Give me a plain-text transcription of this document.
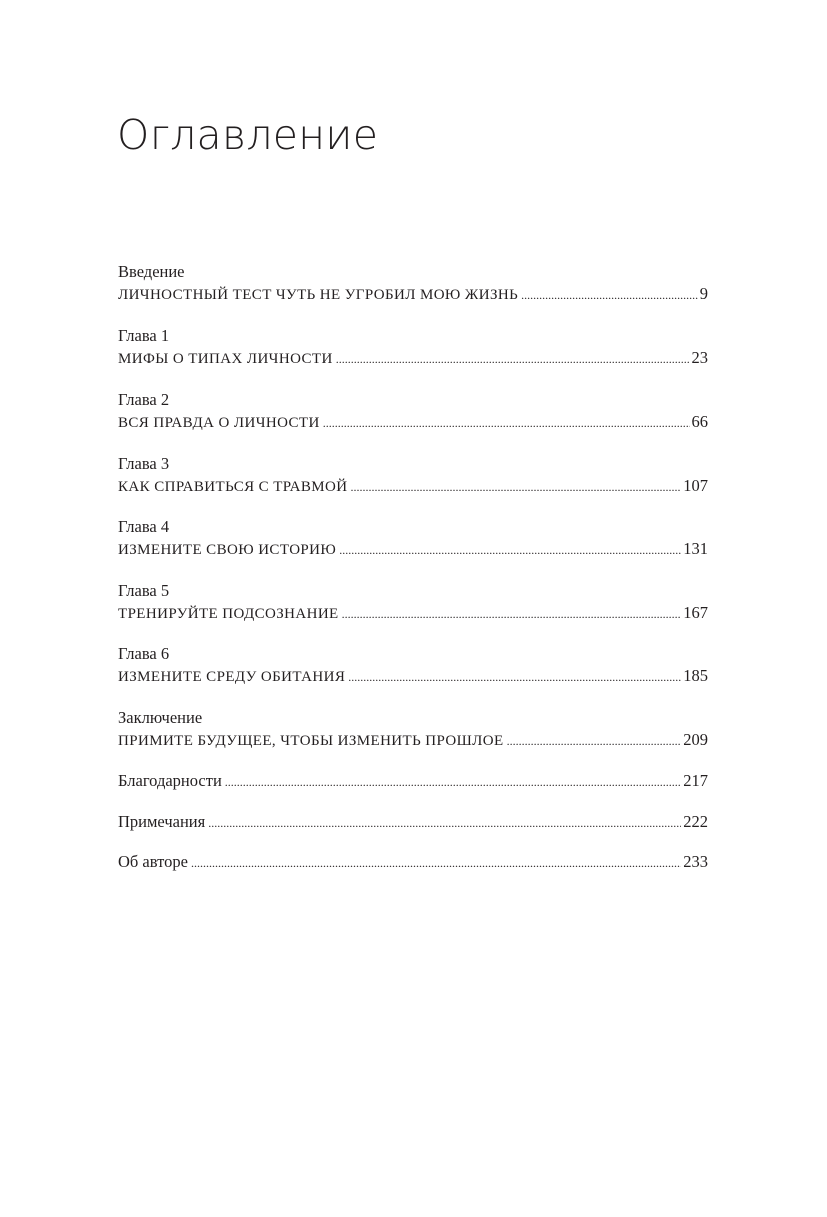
Оглавление
Введение
ЛИЧНОСТНЫЙ ТЕСТ ЧУТЬ НЕ УГРОБИЛ МОЮ ЖИЗНЬ .....	9
Глава 1
МИФЫ О ТИПАХ ЛИЧНОСТИ .....	23
Глава 2
ВСЯ ПРАВДА О ЛИЧНОСТИ .....	66
Глава 3
КАК СПРАВИТЬСЯ С ТРАВМОЙ .....	107
Глава 4
ИЗМЕНИТЕ СВОЮ ИСТОРИЮ .....	131
Глава 5
ТРЕНИРУЙТЕ ПОДСОЗНАНИЕ .....	167
Глава 6
ИЗМЕНИТЕ СРЕДУ ОБИТАНИЯ .....	185
Заключение
ПРИМИТЕ БУДУЩЕЕ, ЧТОБЫ ИЗМЕНИТЬ ПРОШЛОЕ .....	209
Благодарности .....	217
Примечания .....	222
Об авторе .....	233
